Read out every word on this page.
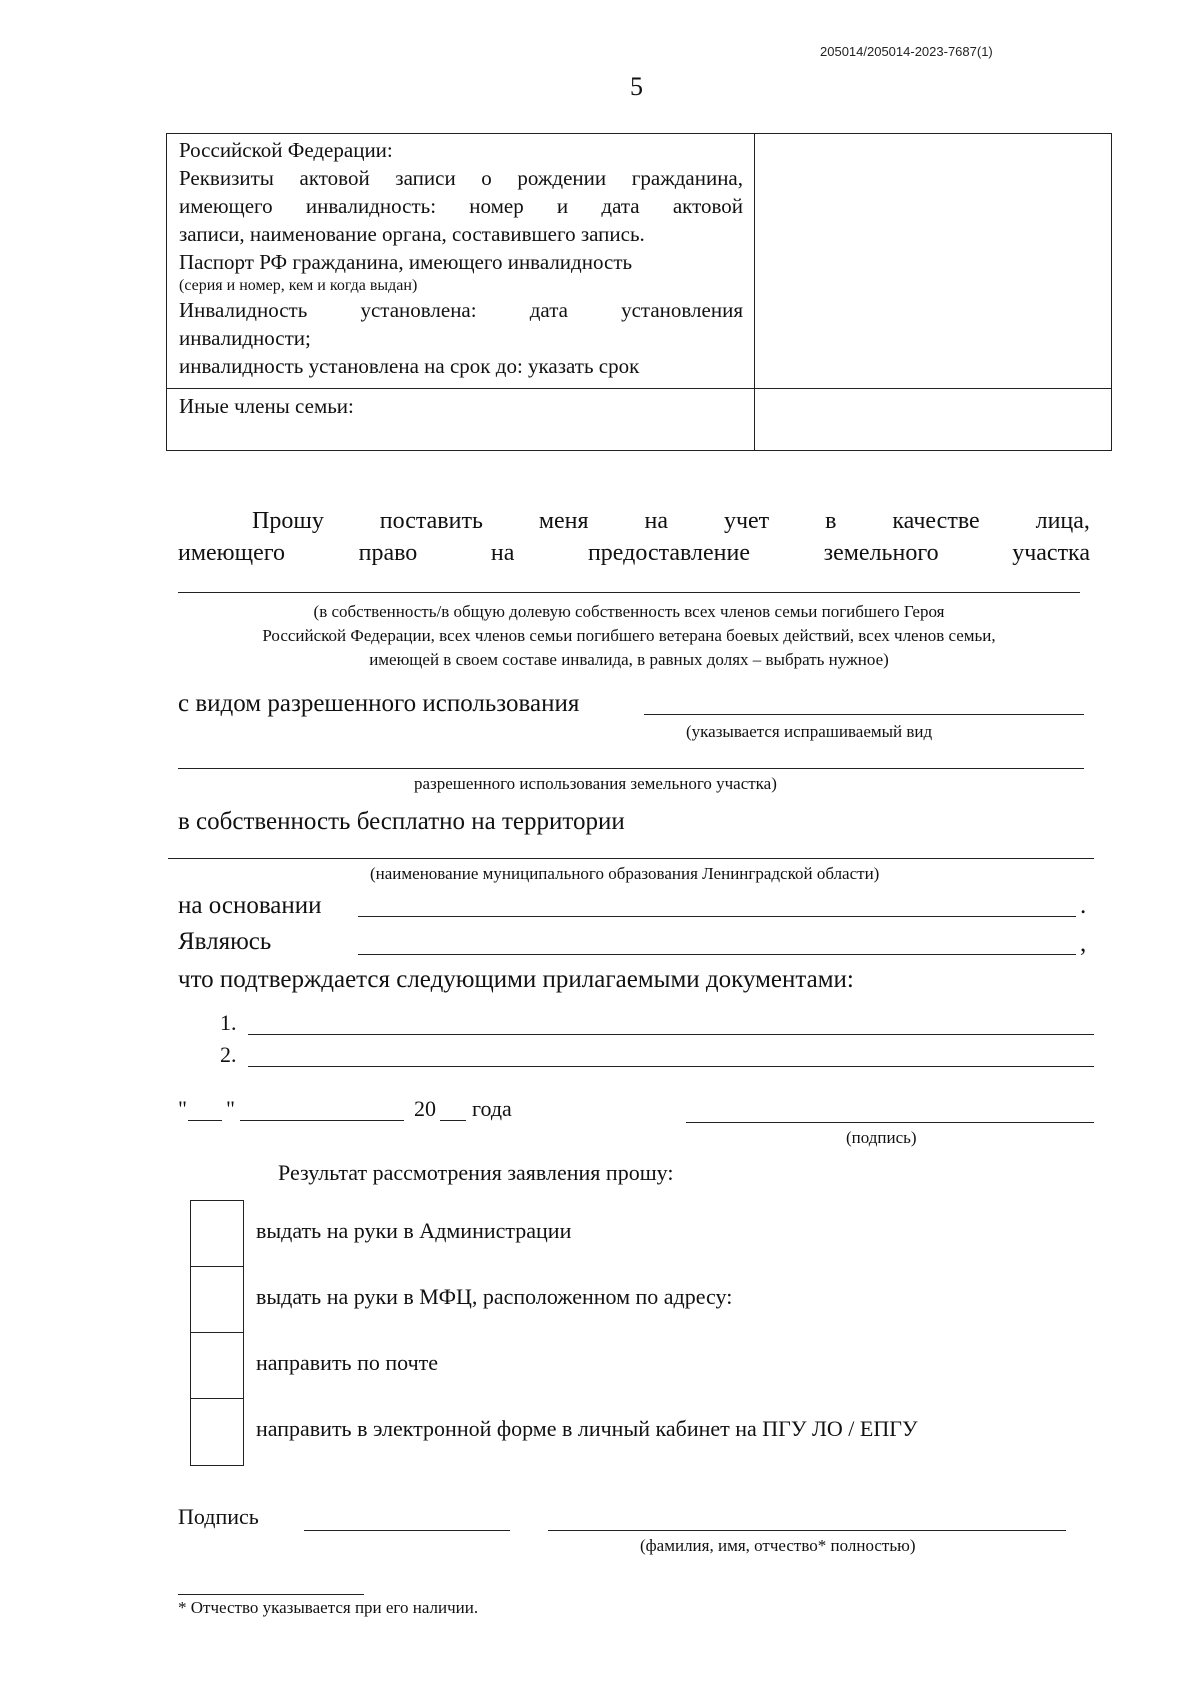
205014/205014-2023-7687(1)
5
Российской Федерации:
Реквизиты актовой записи о рождении гражданина,
имеющего инвалидность: номер и дата актовой
записи, наименование органа, составившего запись.
Паспорт РФ гражданина, имеющего инвалидность
(серия и номер, кем и когда выдан)
Инвалидность установлена: дата установления
инвалидности;
инвалидность установлена на срок до: указать срок
Иные члены семьи:
Прошу поставить меня на учет в качестве лица,
имеющего	право	на	предоставление	земельного	участка
(в собственность/в общую долевую собственность всех членов семьи погибшего Героя
Российской Федерации, всех членов семьи погибшего ветерана боевых действий, всех членов семьи,
имеющей в своем составе инвалида, в равных долях – выбрать нужное)
с видом разрешенного использования
(указывается испрашиваемый вид
разрешенного использования земельного участка)
в собственность бесплатно на территории
(наименование муниципального образования Ленинградской области)
на основании	.
Являюсь	,
что подтверждается следующими прилагаемыми документами:
1.
2.
" "	20 года
(подпись)
Результат рассмотрения заявления прошу:
выдать на руки в Администрации
выдать на руки в МФЦ, расположенном по адресу:
направить по почте
направить в электронной форме в личный кабинет на ПГУ ЛО / ЕПГУ
Подпись
(фамилия, имя, отчество* полностью)
* Отчество указывается при его наличии.
